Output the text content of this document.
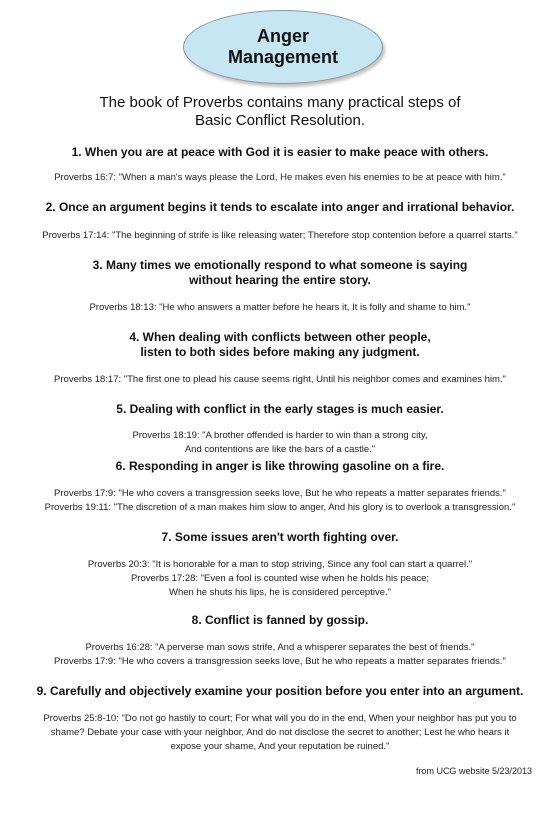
Anger
Management
The book of Proverbs contains many practical steps of
Basic Conflict Resolution.
1. When you are at peace with God it is easier to make peace with others.
Proverbs 16:7: "When a man's ways please the Lord, He makes even his enemies to be at peace with him."
2. Once an argument begins it tends to escalate into anger and irrational behavior.
Proverbs 17:14: "The beginning of strife is like releasing water; Therefore stop contention before a quarrel starts."
3. Many times we emotionally respond to what someone is saying
without hearing the entire story.
Proverbs 18:13: "He who answers a matter before he hears it, It is folly and shame to him."
4. When dealing with conflicts between other people,
listen to both sides before making any judgment.
Proverbs 18:17: "The first one to plead his cause seems right, Until his neighbor comes and examines him."
5. Dealing with conflict in the early stages is much easier.
Proverbs 18:19: "A brother offended is harder to win than a strong city,
And contentions are like the bars of a castle."
6. Responding in anger is like throwing gasoline on a fire.
Proverbs 17:9: "He who covers a transgression seeks love, But he who repeats a matter separates friends."
Proverbs 19:11: "The discretion of a man makes him slow to anger, And his glory is to overlook a transgression."
7. Some issues aren't worth fighting over.
Proverbs 20:3: "It is honorable for a man to stop striving, Since any fool can start a quarrel."
Proverbs 17:28: "Even a fool is counted wise when he holds his peace;
When he shuts his lips, he is considered perceptive."
8. Conflict is fanned by gossip.
Proverbs 16:28: "A perverse man sows strife, And a whisperer separates the best of friends."
Proverbs 17:9: "He who covers a transgression seeks love, But he who repeats a matter separates friends."
9. Carefully and objectively examine your position before you enter into an argument.
Proverbs 25:8-10: "Do not go hastily to court; For what will you do in the end, When your neighbor has put you to
shame? Debate your case with your neighbor, And do not disclose the secret to another; Lest he who hears it
expose your shame, And your reputation be ruined."
from UCG website 5/23/2013
